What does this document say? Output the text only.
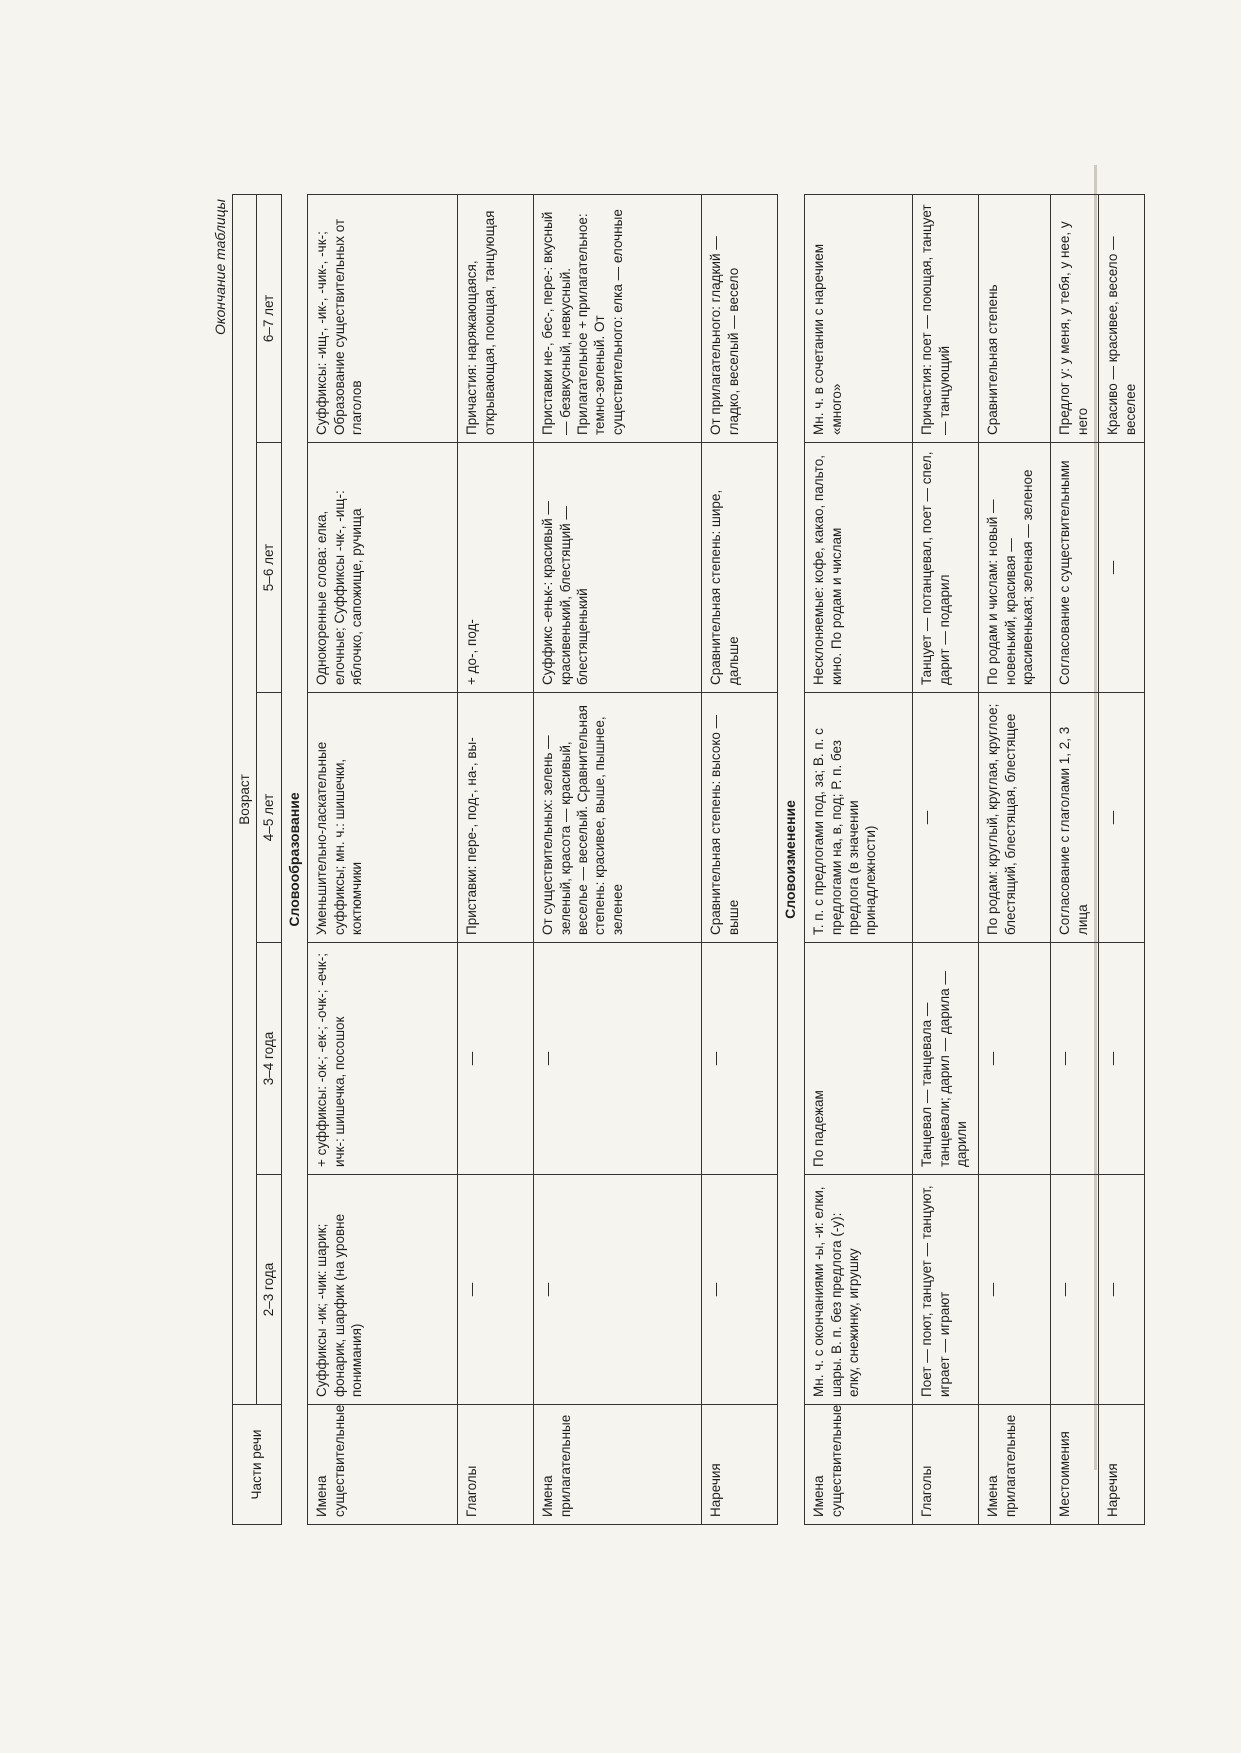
Окончание таблицы
Части речи	Возраст				
	2–3 года	3–4 года	4–5 лет	5–6 лет	6–7 лет
Словообразование					
Имена существительные	Суффиксы -ик; -чик: шарик; фонарик, шарфик (на уровне понимания)	+ суффиксы: -ок-; -ек-; -очк-; -ечк-; ичк-: шишечка, посошок	Уменьшительно-ласкательные суффиксы; мн. ч.: шишечки, коктюмчики	Однокоренные слова: елка, елочные; Суффиксы -чк-, -ищ-: яблочко, сапожище, ручища	Суффиксы: -ищ-, -ик-, -чик-, -чк-; Образование существительных от глаголов
Глаголы	—	—	Приставки: пере-, под-, на-, вы-	+ до-, под-	Причастия: наряжающаяся, открывающая, поющая, танцующая
Имена прилагательные	—	—	От существительных: зелень — зеленый, красота — красивый, веселье — веселый. Сравнительная степень: красивее, выше, пышнее, зеленее	Суффикс -еньк-: красивый — красивенький, блестящий — блестященький	Приставки не-, бес-, пере-: вкусный — безвкусный, невкусный. Прилагательное + прилагательное: темно-зеленый. От существительного: елка — елочные
Наречия	—	—	Сравнительная степень: высоко — выше	Сравнительная степень: шире, дальше	От прилагательного: гладкий — гладко, веселый — весело
Словоизменение					
Имена существительные	Мн. ч. с окончаниями -ы, -и: елки, шары. В. п. без предлога (-у): елку, снежинку, игрушку	По падежам	Т. п. с предлогами под, за; В. п. с предлогами на, в, под; Р. п. без предлога (в значении принадлежности)	Несклоняемые: кофе, какао, пальто, кино. По родам и числам	Мн. ч. в сочетании с наречием «много»
Глаголы	Поет — поют, танцует — танцуют, играет — играют	Танцевал — танцевала — танцевали; дарил — дарила — дарили	—	Танцует — потанцевал, поет — спел, дарит — подарил	Причастия: поет — поющая, танцует — танцующий
Имена прилагательные	—	—	По родам: круглый, круглая, круглое; блестящий, блестящая, блестящее	По родам и числам: новый — новенький, красивая — красивенькая; зеленая — зеленое	Сравнительная степень
Местоимения	—	—	Согласование с глаголами 1, 2, 3 лица	Согласование с существительными	Предлог у: у меня, у тебя, у нее, у него
Наречия	—	—	—	—	Красиво — красивее, весело — веселее
